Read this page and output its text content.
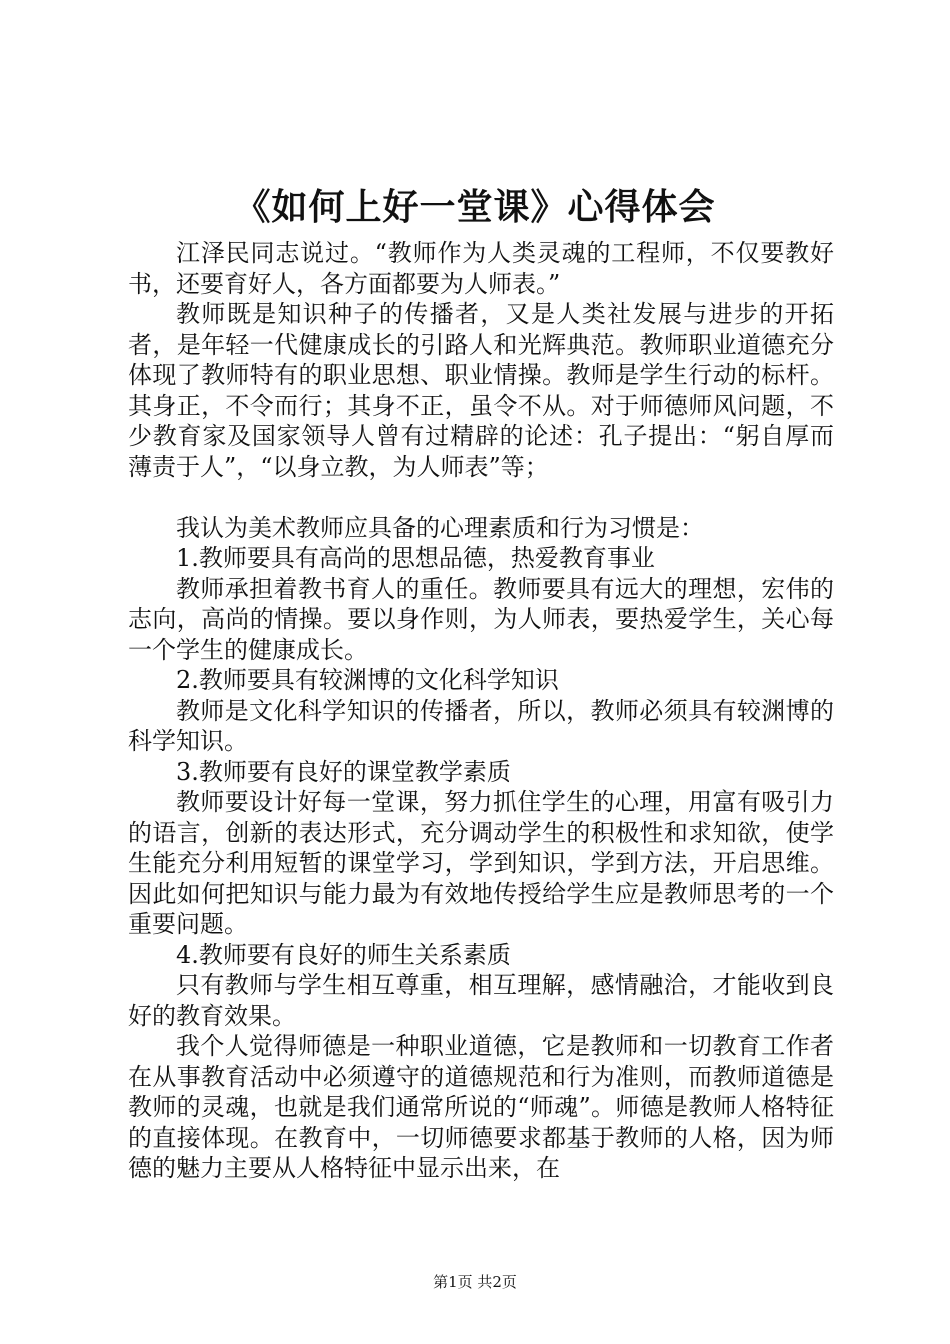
《如何上好一堂课》心得体会

江泽民同志说过。“教师作为人类灵魂的工程师，不仅要教好书，还要育好人，各方面都要为人师表。”

教师既是知识种子的传播者，又是人类社发展与进步的开拓者，是年轻一代健康成长的引路人和光辉典范。教师职业道德充分体现了教师特有的职业思想、职业情操。教师是学生行动的标杆。其身正，不令而行；其身不正，虽令不从。对于师德师风问题，不少教育家及国家领导人曾有过精辟的论述：孔子提出：“躬自厚而薄责于人”，“以身立教，为人师表”等；

我认为美术教师应具备的心理素质和行为习惯是：

1.教师要具有高尚的思想品德，热爱教育事业

教师承担着教书育人的重任。教师要具有远大的理想，宏伟的志向，高尚的情操。要以身作则，为人师表，要热爱学生，关心每一个学生的健康成长。

2.教师要具有较渊博的文化科学知识

教师是文化科学知识的传播者，所以，教师必须具有较渊博的科学知识。

3.教师要有良好的课堂教学素质

教师要设计好每一堂课，努力抓住学生的心理，用富有吸引力的语言，创新的表达形式，充分调动学生的积极性和求知欲，使学生能充分利用短暂的课堂学习，学到知识，学到方法，开启思维。因此如何把知识与能力最为有效地传授给学生应是教师思考的一个重要问题。

4.教师要有良好的师生关系素质

只有教师与学生相互尊重，相互理解，感情融洽，才能收到良好的教育效果。

我个人觉得师德是一种职业道德，它是教师和一切教育工作者在从事教育活动中必须遵守的道德规范和行为准则，而教师道德是教师的灵魂，也就是我们通常所说的“师魂”。师德是教师人格特征的直接体现。在教育中，一切师德要求都基于教师的人格，因为师德的魅力主要从人格特征中显示出来，在

第1页 共2页
